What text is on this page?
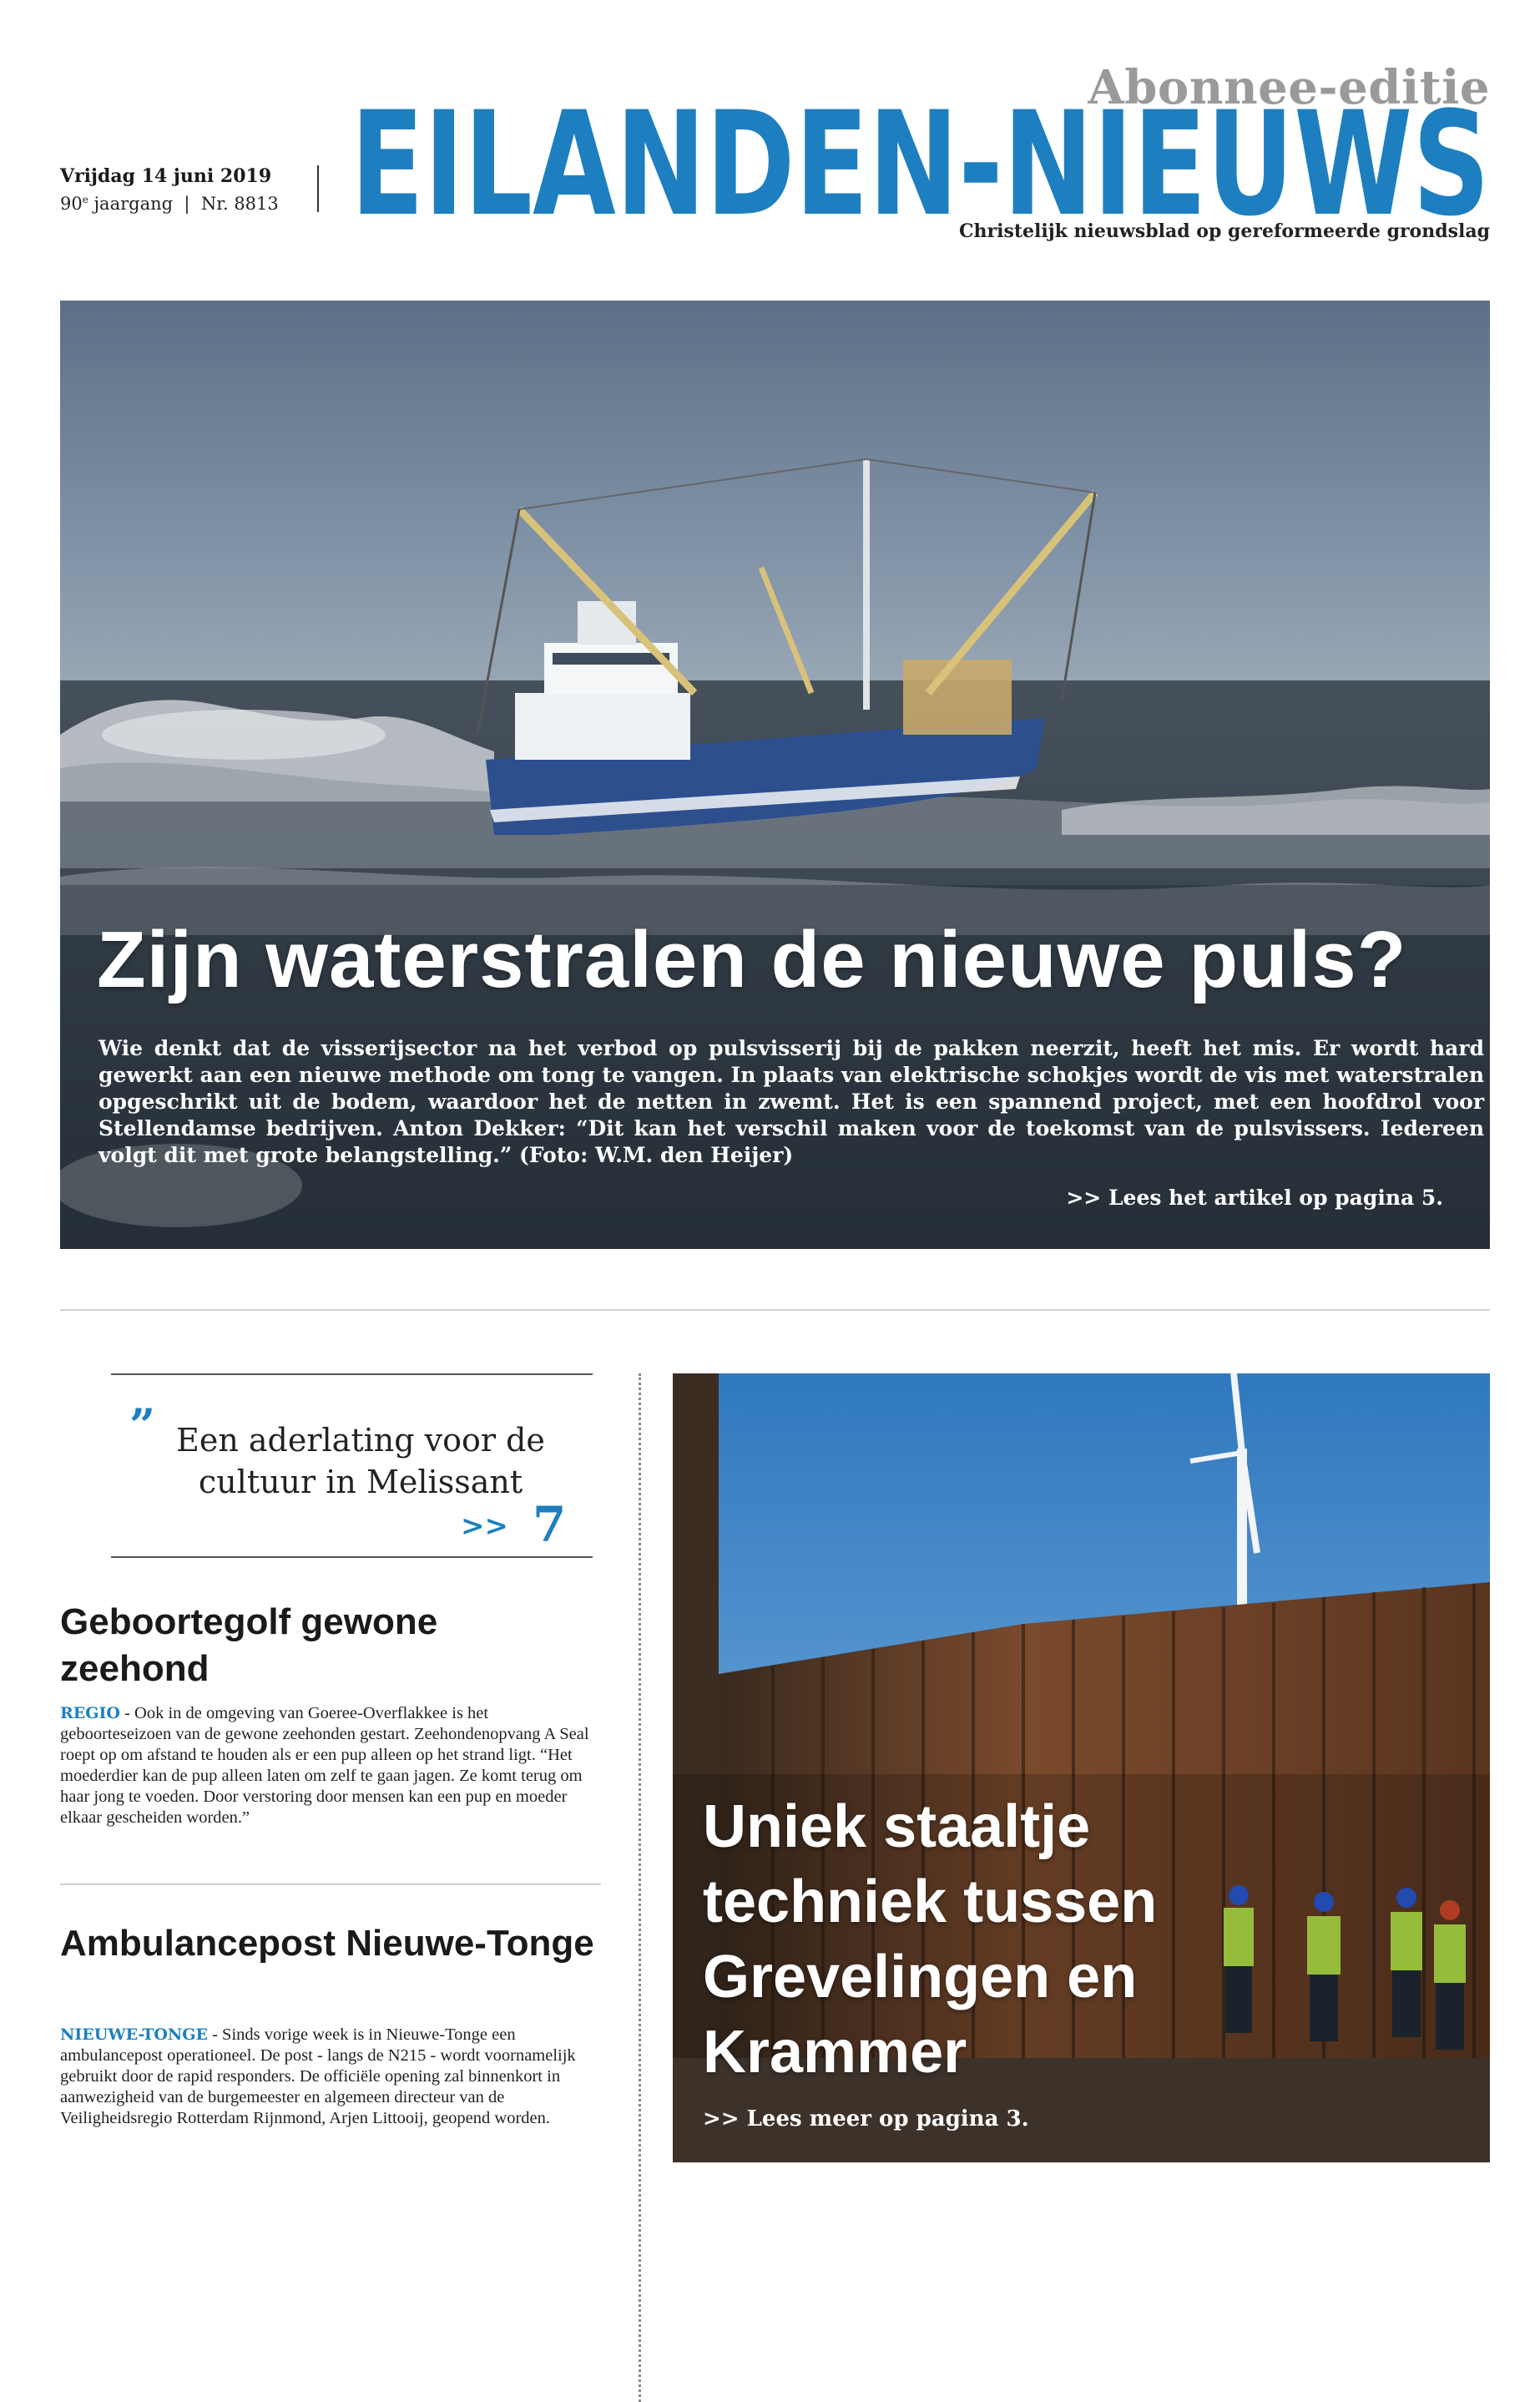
Abonnee-editie
Vrijdag 14 juni 2019
90e jaargang | Nr. 8813 EILANDEN-NIEUWS
Christelijk nieuwsblad op gereformeerde grondslag
Zijn waterstralen de nieuwe puls?
Wie denkt dat de visserijsector na het verbod op pulsvisserij bij de pakken neerzit, heeft het mis. Er wordt hard gewerkt aan een nieuwe methode om tong te vangen. In plaats van elektrische schokjes wordt de vis met waterstralen opgeschrikt uit de bodem, waardoor het de netten in zwemt. Het is een spannend project, met een hoofdrol voor Stellendamse bedrijven. Anton Dekker: “Dit kan het verschil maken voor de toekomst van de pulsvissers. Iedereen volgt dit met grote belangstelling.” (Foto: W.M. den Heijer)
>> Lees het artikel op pagina 5.
” Een aderlating voor de cultuur in Melissant
>> 7
Geboortegolf gewone zeehond
REGIO - Ook in de omgeving van Goeree-Overflakkee is het geboorteseizoen van de gewone zeehonden gestart. Zeehondenopvang A Seal roept op om afstand te houden als er een pup alleen op het strand ligt. “Het moederdier kan de pup alleen laten om zelf te gaan jagen. Ze komt terug om haar jong te voeden. Door verstoring door mensen kan een pup en moeder elkaar gescheiden worden.”
Ambulancepost Nieuwe-Tonge
NIEUWE-TONGE - Sinds vorige week is in Nieuwe-Tonge een ambulancepost operationeel. De post - langs de N215 - wordt voornamelijk gebruikt door de rapid responders. De officiële opening zal binnenkort in aanwezigheid van de burgemeester en algemeen directeur van de Veiligheidsregio Rotterdam Rijnmond, Arjen Littooij, geopend worden.
Uniek staaltje techniek tussen Grevelingen en Krammer
>> Lees meer op pagina 3.
